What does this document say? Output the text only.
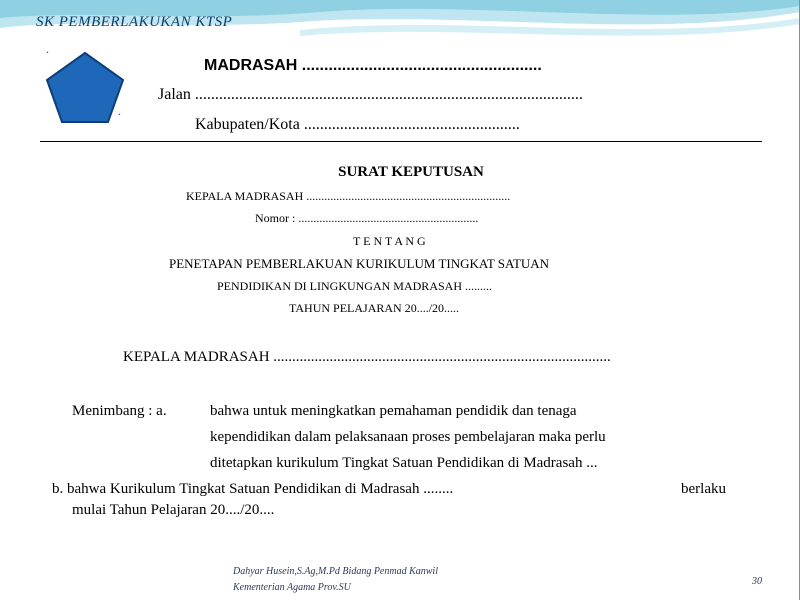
SK PEMBERLAKUKAN KTSP
.
.
MADRASAH ......................................................
Jalan .................................................................................................
Kabupaten/Kota ......................................................
SURAT KEPUTUSAN
KEPALA MADRASAH ....................................................................
Nomor : ............................................................
T E N T A N G
PENETAPAN PEMBERLAKUAN KURIKULUM TINGKAT SATUAN
PENDIDIKAN DI LINGKUNGAN MADRASAH .........
TAHUN PELAJARAN 20..../20.....
KEPALA MADRASAH ..........................................................................................
Menimbang : a.	bahwa untuk meningkatkan pemahaman pendidik dan tenaga
kependidikan dalam pelaksanaan proses pembelajaran maka perlu
ditetapkan kurikulum Tingkat Satuan Pendidikan di Madrasah ...
b. bahwa Kurikulum Tingkat Satuan Pendidikan di Madrasah ........	berlaku
mulai Tahun Pelajaran 20..../20....
Dahyar Husein,S.Ag,M.Pd Bidang Penmad Kanwil
Kementerian Agama Prov.SU
30
